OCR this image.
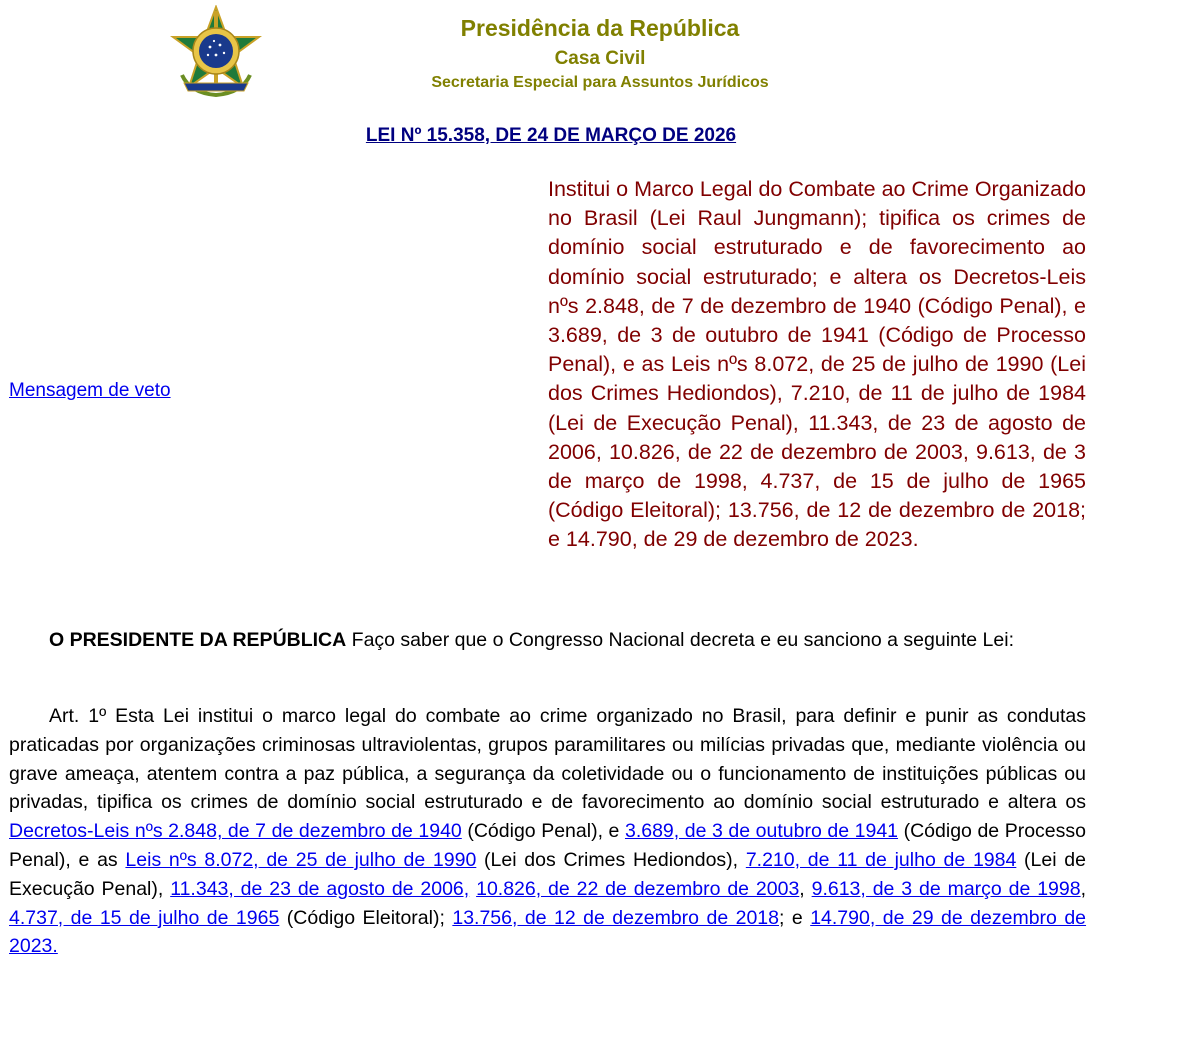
Presidência da República
Casa Civil
Secretaria Especial para Assuntos Jurídicos
LEI Nº 15.358, DE 24 DE MARÇO DE 2026
Mensagem de veto
Institui o Marco Legal do Combate ao Crime Organizado no Brasil (Lei Raul Jungmann); tipifica os crimes de domínio social estruturado e de favorecimento ao domínio social estruturado; e altera os Decretos-Leis nºs 2.848, de 7 de dezembro de 1940 (Código Penal), e 3.689, de 3 de outubro de 1941 (Código de Processo Penal), e as Leis nºs 8.072, de 25 de julho de 1990 (Lei dos Crimes Hediondos), 7.210, de 11 de julho de 1984 (Lei de Execução Penal), 11.343, de 23 de agosto de 2006, 10.826, de 22 de dezembro de 2003, 9.613, de 3 de março de 1998, 4.737, de 15 de julho de 1965 (Código Eleitoral); 13.756, de 12 de dezembro de 2018; e 14.790, de 29 de dezembro de 2023.

O PRESIDENTE DA REPÚBLICA Faço saber que o Congresso Nacional decreta e eu sanciono a seguinte Lei:

Art. 1º Esta Lei institui o marco legal do combate ao crime organizado no Brasil, para definir e punir as condutas praticadas por organizações criminosas ultraviolentas, grupos paramilitares ou milícias privadas que, mediante violência ou grave ameaça, atentem contra a paz pública, a segurança da coletividade ou o funcionamento de instituições públicas ou privadas, tipifica os crimes de domínio social estruturado e de favorecimento ao domínio social estruturado e altera os Decretos-Leis nºs 2.848, de 7 de dezembro de 1940 (Código Penal), e 3.689, de 3 de outubro de 1941 (Código de Processo Penal), e as Leis nºs 8.072, de 25 de julho de 1990 (Lei dos Crimes Hediondos), 7.210, de 11 de julho de 1984 (Lei de Execução Penal), 11.343, de 23 de agosto de 2006, 10.826, de 22 de dezembro de 2003, 9.613, de 3 de março de 1998, 4.737, de 15 de julho de 1965 (Código Eleitoral); 13.756, de 12 de dezembro de 2018; e 14.790, de 29 de dezembro de 2023.
